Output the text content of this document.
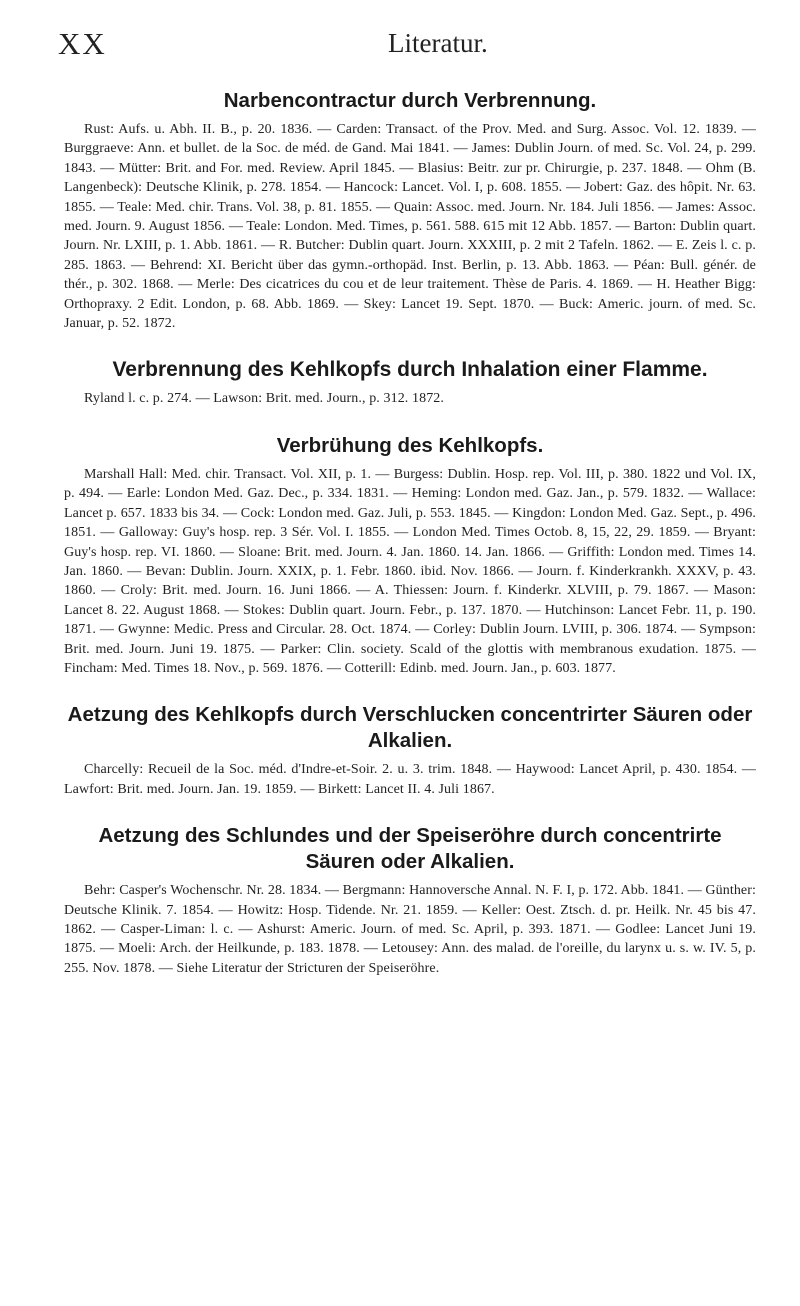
XX	Literatur.
Narbencontractur durch Verbrennung.

Rust: Aufs. u. Abh. II. B., p. 20. 1836. — Carden: Transact. of the Prov. Med. and Surg. Assoc. Vol. 12. 1839. — Burggraeve: Ann. et bullet. de la Soc. de méd. de Gand. Mai 1841. — James: Dublin Journ. of med. Sc. Vol. 24, p. 299. 1843. — Mütter: Brit. and For. med. Review. April 1845. — Blasius: Beitr. zur pr. Chirurgie, p. 237. 1848. — Ohm (B. Langenbeck): Deutsche Klinik, p. 278. 1854. — Hancock: Lancet. Vol. I, p. 608. 1855. — Jobert: Gaz. des hôpit. Nr. 63. 1855. — Teale: Med. chir. Trans. Vol. 38, p. 81. 1855. — Quain: Assoc. med. Journ. Nr. 184. Juli 1856. — James: Assoc. med. Journ. 9. August 1856. — Teale: London. Med. Times, p. 561. 588. 615 mit 12 Abb. 1857. — Barton: Dublin quart. Journ. Nr. LXIII, p. 1. Abb. 1861. — R. Butcher: Dublin quart. Journ. XXXIII, p. 2 mit 2 Tafeln. 1862. — E. Zeis l. c. p. 285. 1863. — Behrend: XI. Bericht über das gymn.-orthopäd. Inst. Berlin, p. 13. Abb. 1863. — Péan: Bull. génér. de thér., p. 302. 1868. — Merle: Des cicatrices du cou et de leur traitement. Thèse de Paris. 4. 1869. — H. Heather Bigg: Orthopraxy. 2 Edit. London, p. 68. Abb. 1869. — Skey: Lancet 19. Sept. 1870. — Buck: Americ. journ. of med. Sc. Januar, p. 52. 1872.

Verbrennung des Kehlkopfs durch Inhalation einer Flamme.

Ryland l. c. p. 274. — Lawson: Brit. med. Journ., p. 312. 1872.

Verbrühung des Kehlkopfs.

Marshall Hall: Med. chir. Transact. Vol. XII, p. 1. — Burgess: Dublin. Hosp. rep. Vol. III, p. 380. 1822 und Vol. IX, p. 494. — Earle: London Med. Gaz. Dec., p. 334. 1831. — Heming: London med. Gaz. Jan., p. 579. 1832. — Wallace: Lancet p. 657. 1833 bis 34. — Cock: London med. Gaz. Juli, p. 553. 1845. — Kingdon: London Med. Gaz. Sept., p. 496. 1851. — Galloway: Guy's hosp. rep. 3 Sér. Vol. I. 1855. — London Med. Times Octob. 8, 15, 22, 29. 1859. — Bryant: Guy's hosp. rep. VI. 1860. — Sloane: Brit. med. Journ. 4. Jan. 1860. 14. Jan. 1866. — Griffith: London med. Times 14. Jan. 1860. — Bevan: Dublin. Journ. XXIX, p. 1. Febr. 1860. ibid. Nov. 1866. — Journ. f. Kinderkrankh. XXXV, p. 43. 1860. — Croly: Brit. med. Journ. 16. Juni 1866. — A. Thiessen: Journ. f. Kinderkr. XLVIII, p. 79. 1867. — Mason: Lancet 8. 22. August 1868. — Stokes: Dublin quart. Journ. Febr., p. 137. 1870. — Hutchinson: Lancet Febr. 11, p. 190. 1871. — Gwynne: Medic. Press and Circular. 28. Oct. 1874. — Corley: Dublin Journ. LVIII, p. 306. 1874. — Sympson: Brit. med. Journ. Juni 19. 1875. — Parker: Clin. society. Scald of the glottis with membranous exudation. 1875. — Fincham: Med. Times 18. Nov., p. 569. 1876. — Cotterill: Edinb. med. Journ. Jan., p. 603. 1877.

Aetzung des Kehlkopfs durch Verschlucken concentrirter Säuren oder Alkalien.

Charcelly: Recueil de la Soc. méd. d'Indre-et-Soir. 2. u. 3. trim. 1848. — Haywood: Lancet April, p. 430. 1854. — Lawfort: Brit. med. Journ. Jan. 19. 1859. — Birkett: Lancet II. 4. Juli 1867.

Aetzung des Schlundes und der Speiseröhre durch concentrirte Säuren oder Alkalien.

Behr: Casper's Wochenschr. Nr. 28. 1834. — Bergmann: Hannoversche Annal. N. F. I, p. 172. Abb. 1841. — Günther: Deutsche Klinik. 7. 1854. — Howitz: Hosp. Tidende. Nr. 21. 1859. — Keller: Oest. Ztsch. d. pr. Heilk. Nr. 45 bis 47. 1862. — Casper-Liman: l. c. — Ashurst: Americ. Journ. of med. Sc. April, p. 393. 1871. — Godlee: Lancet Juni 19. 1875. — Moeli: Arch. der Heilkunde, p. 183. 1878. — Letousey: Ann. des malad. de l'oreille, du larynx u. s. w. IV. 5, p. 255. Nov. 1878. — Siehe Literatur der Stricturen der Speiseröhre.
